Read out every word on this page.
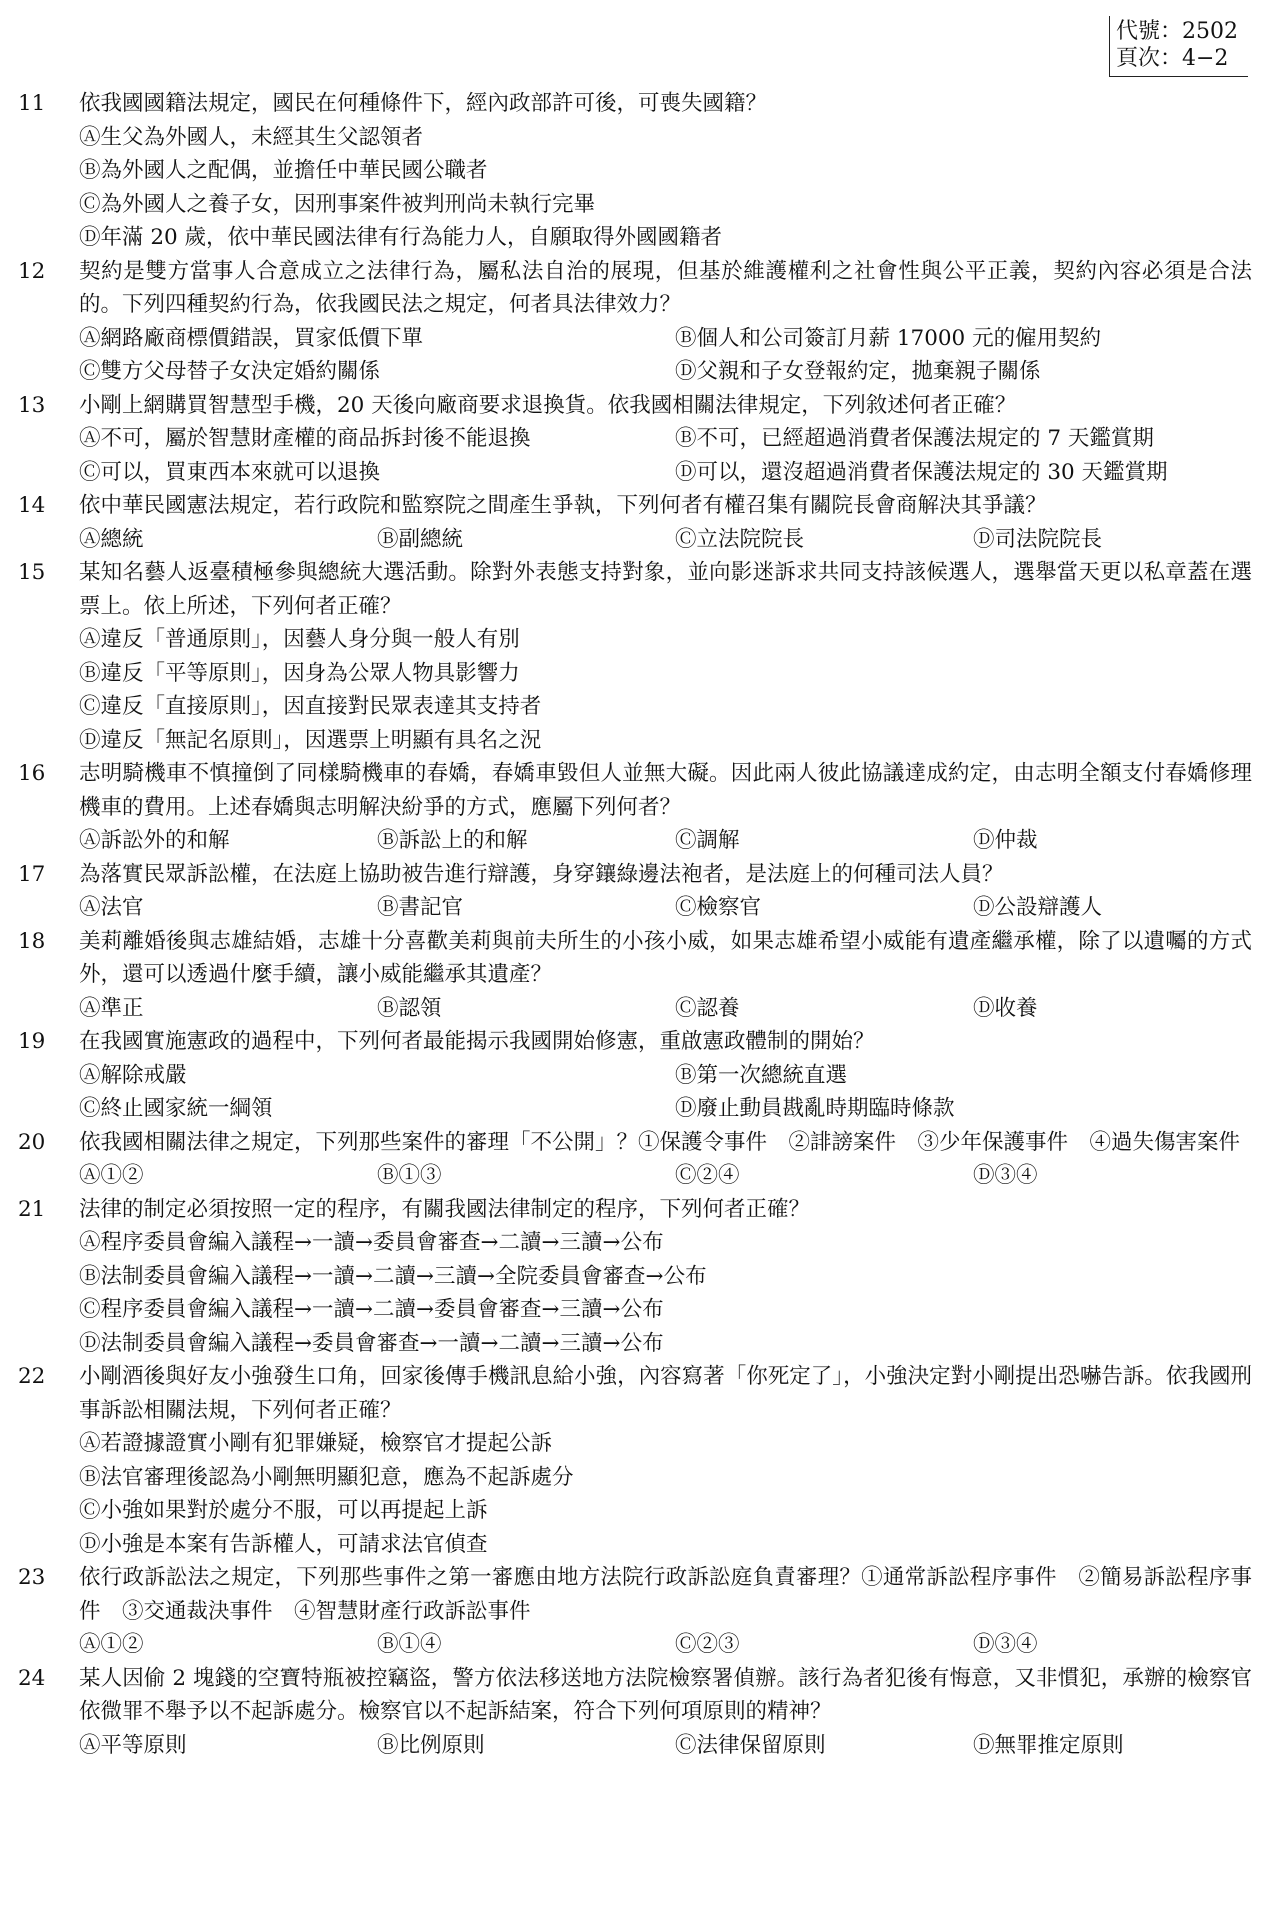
代號：2502
頁次：4−2
11	依我國國籍法規定，國民在何種條件下，經內政部許可後，可喪失國籍？
Ⓐ生父為外國人，未經其生父認領者
Ⓑ為外國人之配偶，並擔任中華民國公職者
Ⓒ為外國人之養子女，因刑事案件被判刑尚未執行完畢
Ⓓ年滿 20 歲，依中華民國法律有行為能力人，自願取得外國國籍者
12	契約是雙方當事人合意成立之法律行為，屬私法自治的展現，但基於維護權利之社會性與公平正義，契約內容必須是合法的。下列四種契約行為，依我國民法之規定，何者具法律效力？
Ⓐ網路廠商標價錯誤，買家低價下單	Ⓑ個人和公司簽訂月薪 17000 元的僱用契約
Ⓒ雙方父母替子女決定婚約關係	Ⓓ父親和子女登報約定，拋棄親子關係
13	小剛上網購買智慧型手機，20 天後向廠商要求退換貨。依我國相關法律規定，下列敘述何者正確？
Ⓐ不可，屬於智慧財產權的商品拆封後不能退換	Ⓑ不可，已經超過消費者保護法規定的 7 天鑑賞期
Ⓒ可以，買東西本來就可以退換	Ⓓ可以，還沒超過消費者保護法規定的 30 天鑑賞期
14	依中華民國憲法規定，若行政院和監察院之間產生爭執，下列何者有權召集有關院長會商解決其爭議？
Ⓐ總統	Ⓑ副總統	Ⓒ立法院院長	Ⓓ司法院院長
15	某知名藝人返臺積極參與總統大選活動。除對外表態支持對象，並向影迷訴求共同支持該候選人，選舉當天更以私章蓋在選票上。依上所述，下列何者正確？
Ⓐ違反「普通原則」，因藝人身分與一般人有別
Ⓑ違反「平等原則」，因身為公眾人物具影響力
Ⓒ違反「直接原則」，因直接對民眾表達其支持者
Ⓓ違反「無記名原則」，因選票上明顯有具名之況
16	志明騎機車不慎撞倒了同樣騎機車的春嬌，春嬌車毀但人並無大礙。因此兩人彼此協議達成約定，由志明全額支付春嬌修理機車的費用。上述春嬌與志明解決紛爭的方式，應屬下列何者？
Ⓐ訴訟外的和解	Ⓑ訴訟上的和解	Ⓒ調解	Ⓓ仲裁
17	為落實民眾訴訟權，在法庭上協助被告進行辯護，身穿鑲綠邊法袍者，是法庭上的何種司法人員？
Ⓐ法官	Ⓑ書記官	Ⓒ檢察官	Ⓓ公設辯護人
18	美莉離婚後與志雄結婚，志雄十分喜歡美莉與前夫所生的小孩小威，如果志雄希望小威能有遺產繼承權，除了以遺囑的方式外，還可以透過什麼手續，讓小威能繼承其遺產？
Ⓐ準正	Ⓑ認領	Ⓒ認養	Ⓓ收養
19	在我國實施憲政的過程中，下列何者最能揭示我國開始修憲，重啟憲政體制的開始？
Ⓐ解除戒嚴	Ⓑ第一次總統直選
Ⓒ終止國家統一綱領	Ⓓ廢止動員戡亂時期臨時條款
20	依我國相關法律之規定，下列那些案件的審理「不公開」？①保護令事件　②誹謗案件　③少年保護事件　④過失傷害案件
Ⓐ①②	Ⓑ①③	Ⓒ②④	Ⓓ③④
21	法律的制定必須按照一定的程序，有關我國法律制定的程序，下列何者正確？
Ⓐ程序委員會編入議程→一讀→委員會審查→二讀→三讀→公布
Ⓑ法制委員會編入議程→一讀→二讀→三讀→全院委員會審查→公布
Ⓒ程序委員會編入議程→一讀→二讀→委員會審查→三讀→公布
Ⓓ法制委員會編入議程→委員會審查→一讀→二讀→三讀→公布
22	小剛酒後與好友小強發生口角，回家後傳手機訊息給小強，內容寫著「你死定了」，小強決定對小剛提出恐嚇告訴。依我國刑事訴訟相關法規，下列何者正確？
Ⓐ若證據證實小剛有犯罪嫌疑，檢察官才提起公訴
Ⓑ法官審理後認為小剛無明顯犯意，應為不起訴處分
Ⓒ小強如果對於處分不服，可以再提起上訴
Ⓓ小強是本案有告訴權人，可請求法官偵查
23	依行政訴訟法之規定，下列那些事件之第一審應由地方法院行政訴訟庭負責審理？①通常訴訟程序事件　②簡易訴訟程序事件　③交通裁決事件　④智慧財產行政訴訟事件
Ⓐ①②	Ⓑ①④	Ⓒ②③	Ⓓ③④
24	某人因偷 2 塊錢的空寶特瓶被控竊盜，警方依法移送地方法院檢察署偵辦。該行為者犯後有悔意，又非慣犯，承辦的檢察官依微罪不舉予以不起訴處分。檢察官以不起訴結案，符合下列何項原則的精神？
Ⓐ平等原則	Ⓑ比例原則	Ⓒ法律保留原則	Ⓓ無罪推定原則
